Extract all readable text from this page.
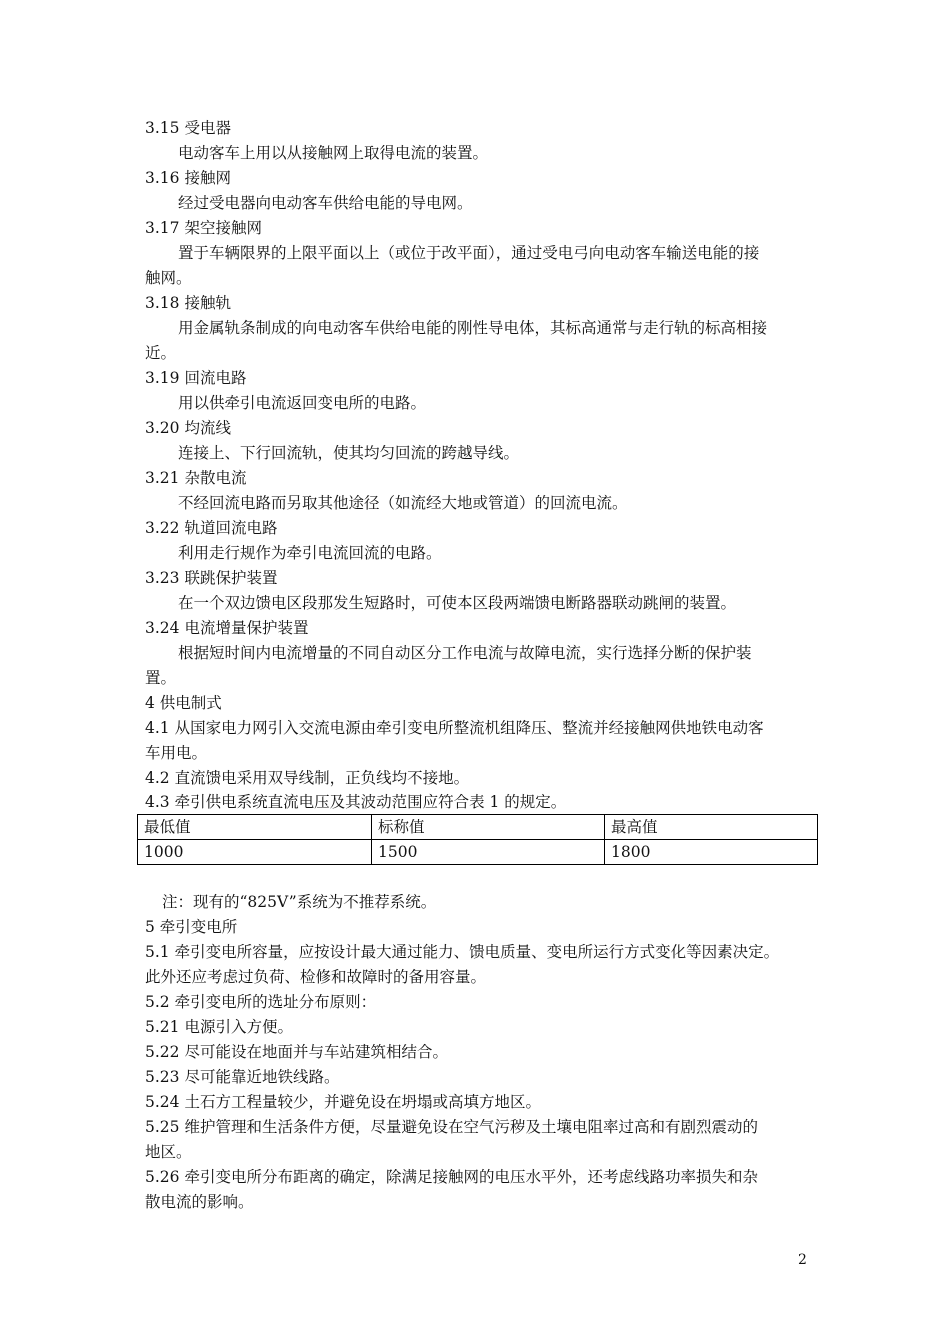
3.15 受电器
电动客车上用以从接触网上取得电流的装置。
3.16 接触网
经过受电器向电动客车供给电能的导电网。
3.17 架空接触网
置于车辆限界的上限平面以上（或位于改平面），通过受电弓向电动客车输送电能的接
触网。
3.18 接触轨
用金属轨条制成的向电动客车供给电能的刚性导电体，其标高通常与走行轨的标高相接
近。
3.19 回流电路
用以供牵引电流返回变电所的电路。
3.20 均流线
连接上、下行回流轨，使其均匀回流的跨越导线。
3.21 杂散电流
不经回流电路而另取其他途径（如流经大地或管道）的回流电流。
3.22 轨道回流电路
利用走行规作为牵引电流回流的电路。
3.23 联跳保护装置
在一个双边馈电区段那发生短路时，可使本区段两端馈电断路器联动跳闸的装置。
3.24 电流增量保护装置
根据短时间内电流增量的不同自动区分工作电流与故障电流，实行选择分断的保护装
置。
4 供电制式
4.1 从国家电力网引入交流电源由牵引变电所整流机组降压、整流并经接触网供地铁电动客
车用电。
4.2 直流馈电采用双导线制，正负线均不接地。
4.3 牵引供电系统直流电压及其波动范围应符合表 1 的规定。
最低值	标称值	最高值
1000	1500	1800
注：现有的“825V”系统为不推荐系统。
5 牵引变电所
5.1 牵引变电所容量，应按设计最大通过能力、馈电质量、变电所运行方式变化等因素决定。
此外还应考虑过负荷、检修和故障时的备用容量。
5.2 牵引变电所的选址分布原则：
5.21 电源引入方便。
5.22 尽可能设在地面并与车站建筑相结合。
5.23 尽可能靠近地铁线路。
5.24 土石方工程量较少，并避免设在坍塌或高填方地区。
5.25 维护管理和生活条件方便，尽量避免设在空气污秽及土壤电阻率过高和有剧烈震动的
地区。
5.26 牵引变电所分布距离的确定，除满足接触网的电压水平外，还考虑线路功率损失和杂
散电流的影响。
2
